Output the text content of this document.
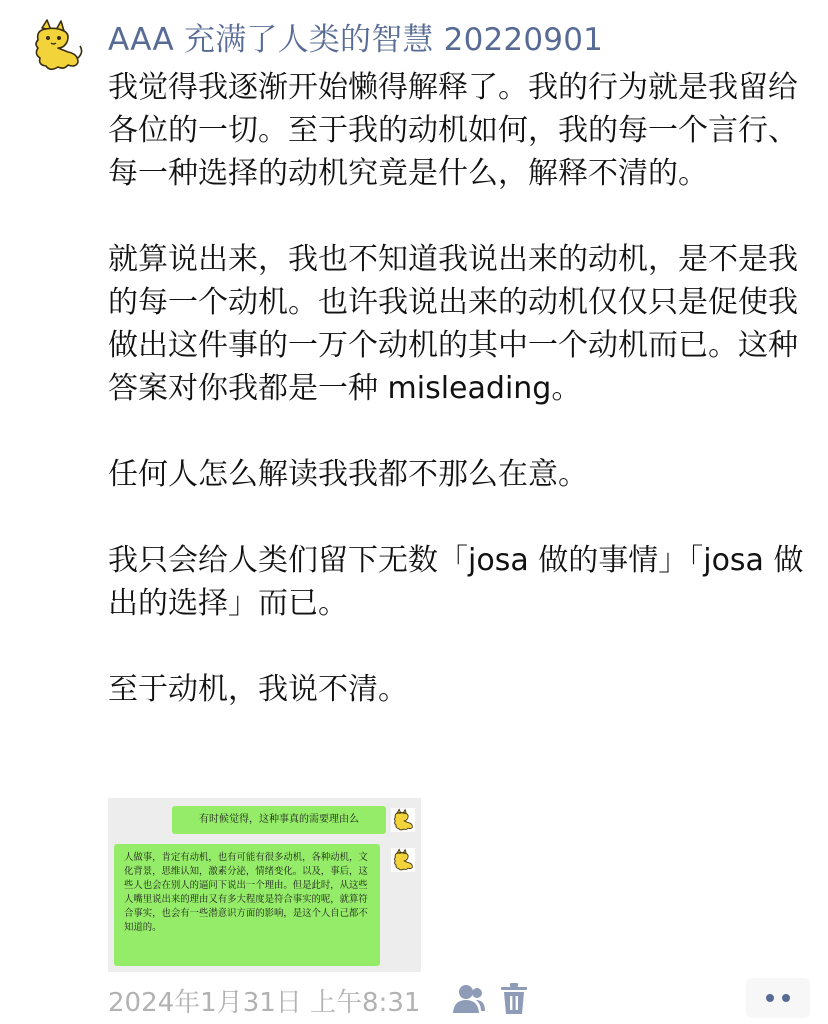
AAA 充满了人类的智慧 20220901

我觉得我逐渐开始懒得解释了。我的行为就是我留给各位的一切。至于我的动机如何，我的每一个言行、每一种选择的动机究竟是什么，解释不清的。

就算说出来，我也不知道我说出来的动机，是不是我的每一个动机。也许我说出来的动机仅仅只是促使我做出这件事的一万个动机的其中一个动机而已。这种答案对你我都是一种 misleading。

任何人怎么解读我我都不那么在意。

我只会给人类们留下无数「josa 做的事情」「josa 做出的选择」而已。

至于动机，我说不清。

有时候觉得，这种事真的需要理由么
人做事，肯定有动机，也有可能有很多动机，各种动机，文化背景，思维认知，激素分泌，情绪变化。以及，事后，这些人也会在别人的逼问下说出一个理由。但是此时，从这些人嘴里说出来的理由又有多大程度是符合事实的呢，就算符合事实，也会有一些潜意识方面的影响，是这个人自己都不知道的。
2024年1月31日 上午8:31
